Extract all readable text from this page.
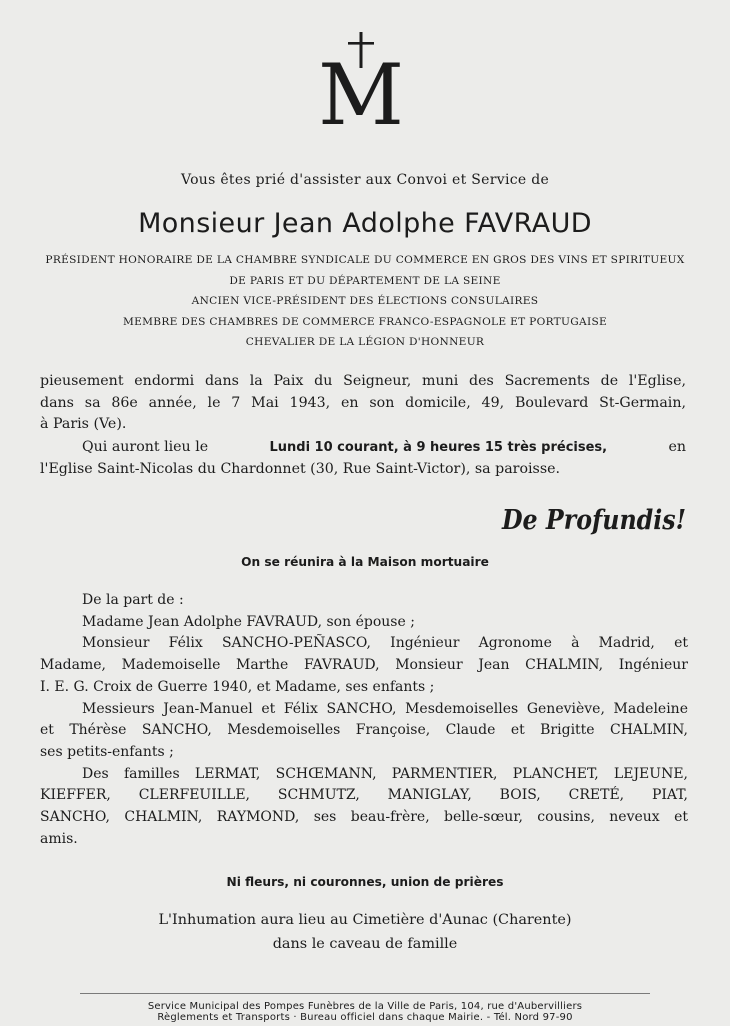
M
Vous êtes prié d'assister aux Convoi et Service de
Monsieur Jean Adolphe FAVRAUD
PRÉSIDENT HONORAIRE DE LA CHAMBRE SYNDICALE DU COMMERCE EN GROS DES VINS ET SPIRITUEUX
DE PARIS ET DU DÉPARTEMENT DE LA SEINE
ANCIEN VICE-PRÉSIDENT DES ÉLECTIONS CONSULAIRES
MEMBRE DES CHAMBRES DE COMMERCE FRANCO-ESPAGNOLE ET PORTUGAISE
CHEVALIER DE LA LÉGION D'HONNEUR
pieusement endormi dans la Paix du Seigneur, muni des Sacrements de l'Eglise,
dans sa 86e année, le 7 Mai 1943, en son domicile, 49, Boulevard St-Germain,
à Paris (Ve).
Qui auront lieu le	Lundi 10 courant, à 9 heures 15 très précises,	en
l'Eglise Saint-Nicolas du Chardonnet (30, Rue Saint-Victor), sa paroisse.
De Profundis!
On se réunira à la Maison mortuaire
De la part de :
Madame Jean Adolphe FAVRAUD, son épouse ;
Monsieur Félix SANCHO-PEÑASCO, Ingénieur Agronome à Madrid, et
Madame, Mademoiselle Marthe FAVRAUD, Monsieur Jean CHALMIN, Ingénieur
I. E. G. Croix de Guerre 1940, et Madame, ses enfants ;
Messieurs Jean-Manuel et Félix SANCHO, Mesdemoiselles Geneviève, Madeleine
et Thérèse SANCHO, Mesdemoiselles Françoise, Claude et Brigitte CHALMIN,
ses petits-enfants ;
Des familles LERMAT, SCHŒMANN, PARMENTIER, PLANCHET, LEJEUNE,
KIEFFER, CLERFEUILLE, SCHMUTZ, MANIGLAY, BOIS, CRETÉ, PIAT,
SANCHO, CHALMIN, RAYMOND, ses beau-frère, belle-sœur, cousins, neveux et
amis.
Ni fleurs, ni couronnes, union de prières
L'Inhumation aura lieu au Cimetière d'Aunac (Charente)
dans le caveau de famille
Service Municipal des Pompes Funèbres de la Ville de Paris, 104, rue d'Aubervilliers
Règlements et Transports · Bureau officiel dans chaque Mairie. - Tél. Nord 97-90
